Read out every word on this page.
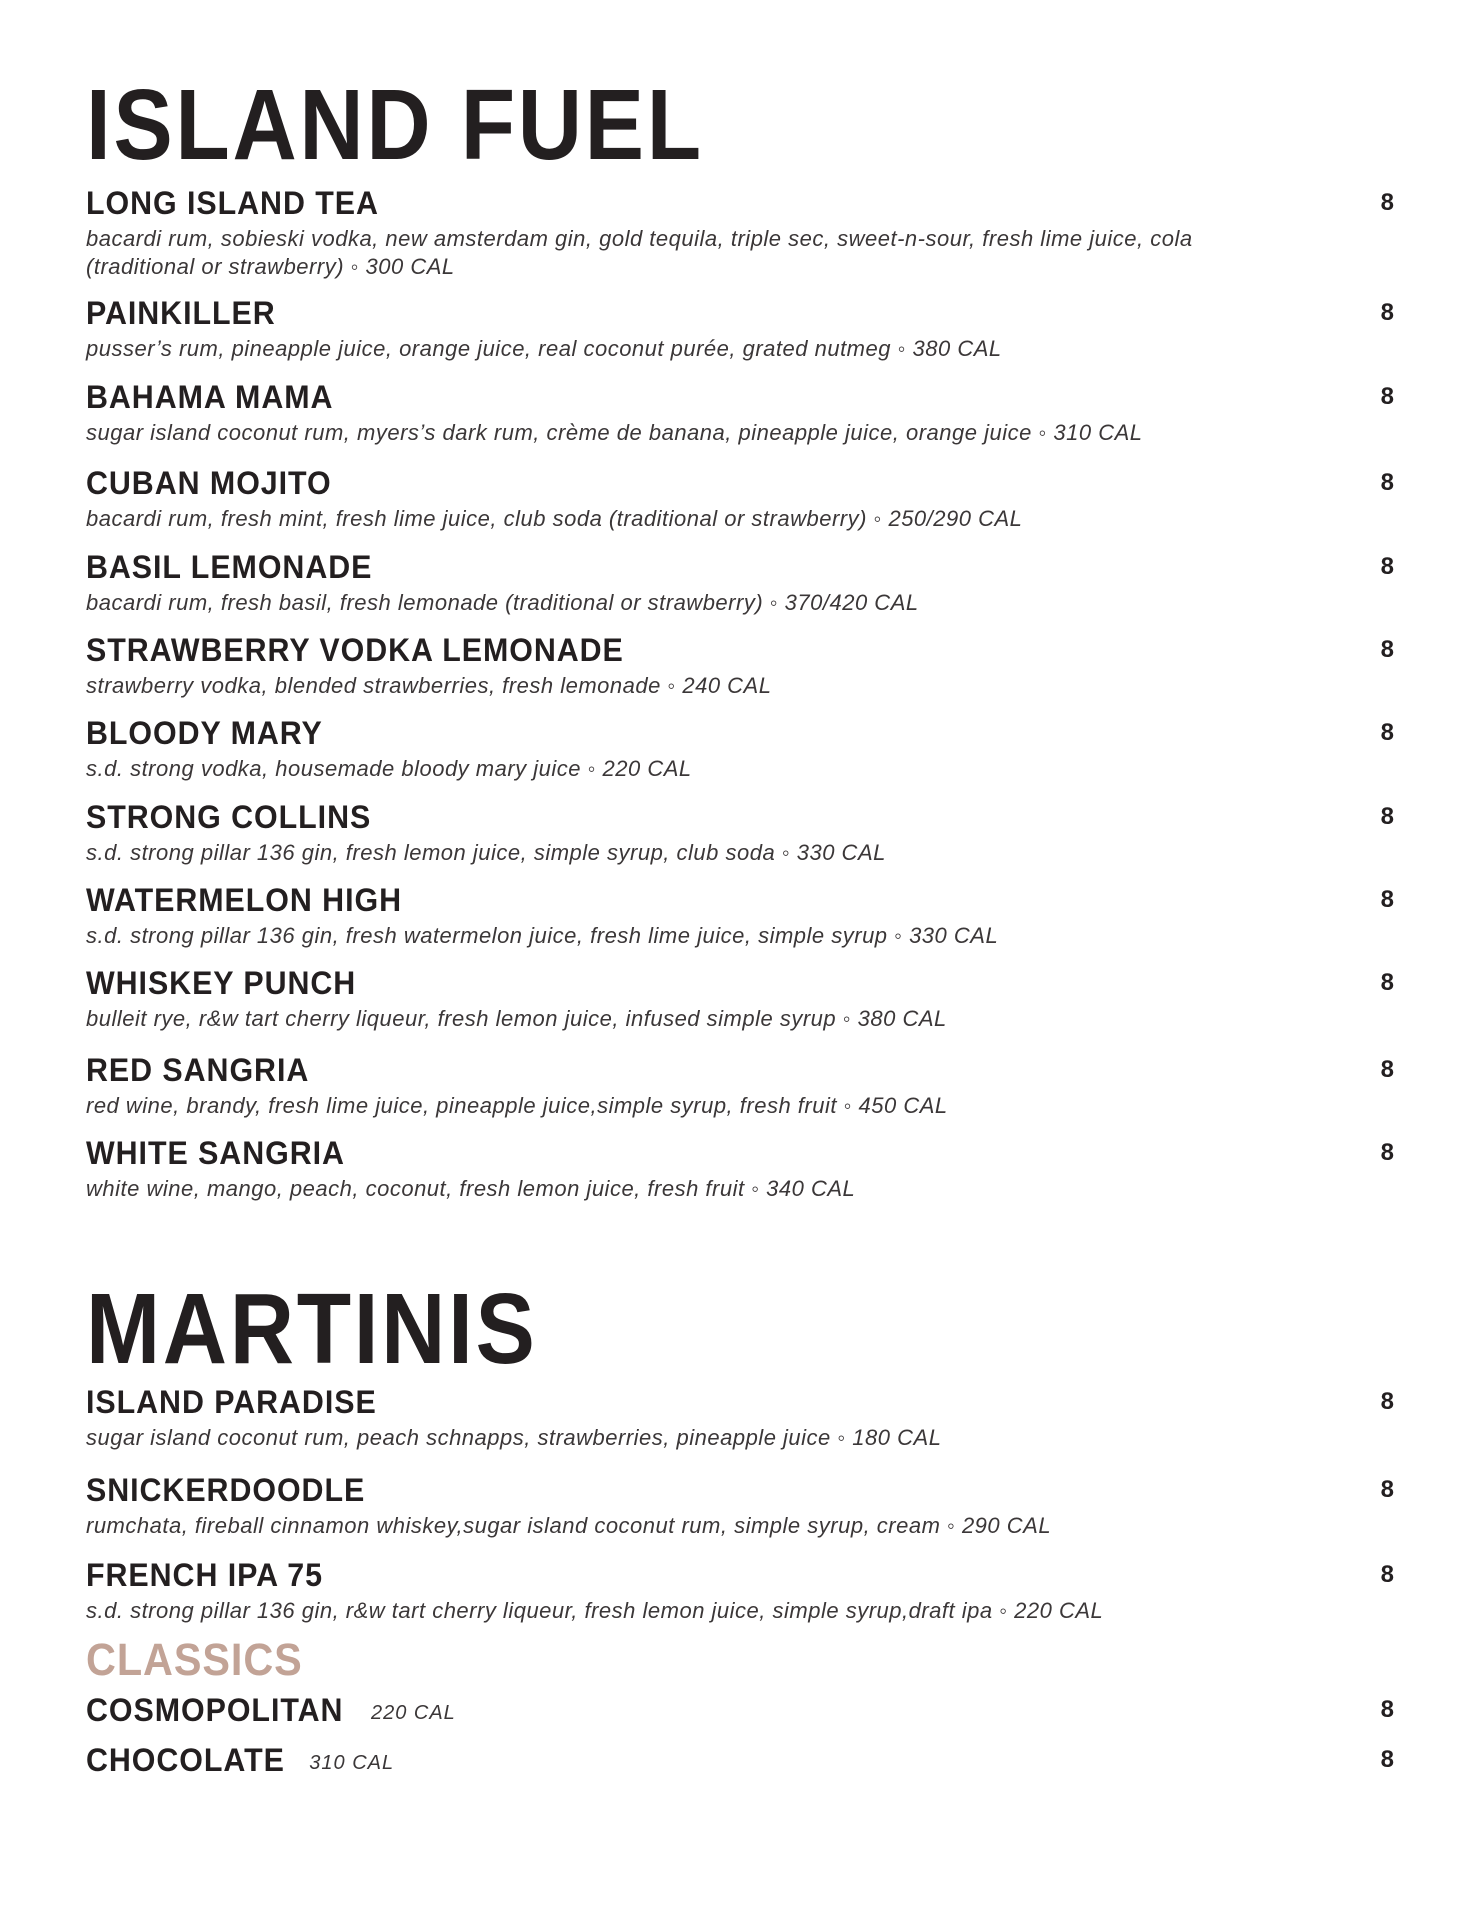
ISLAND FUEL
LONG ISLAND TEA	8
bacardi rum, sobieski vodka, new amsterdam gin, gold tequila, triple sec, sweet-n-sour, fresh lime juice, cola (traditional or strawberry) ◦ 300 CAL
PAINKILLER	8
pusser’s rum, pineapple juice, orange juice, real coconut purée, grated nutmeg ◦ 380 CAL
BAHAMA MAMA	8
sugar island coconut rum, myers’s dark rum, crème de banana, pineapple juice, orange juice ◦ 310 CAL
CUBAN MOJITO	8
bacardi rum, fresh mint, fresh lime juice, club soda (traditional or strawberry) ◦ 250/290 CAL
BASIL LEMONADE	8
bacardi rum, fresh basil, fresh lemonade (traditional or strawberry) ◦ 370/420 CAL
STRAWBERRY VODKA LEMONADE	8
strawberry vodka, blended strawberries, fresh lemonade ◦ 240 CAL
BLOODY MARY	8
s.d. strong vodka, housemade bloody mary juice ◦ 220 CAL
STRONG COLLINS	8
s.d. strong pillar 136 gin, fresh lemon juice, simple syrup, club soda ◦ 330 CAL
WATERMELON HIGH	8
s.d. strong pillar 136 gin, fresh watermelon juice, fresh lime juice, simple syrup ◦ 330 CAL
WHISKEY PUNCH	8
bulleit rye, r&w tart cherry liqueur, fresh lemon juice, infused simple syrup ◦ 380 CAL
RED SANGRIA	8
red wine, brandy, fresh lime juice, pineapple juice,simple syrup, fresh fruit ◦ 450 CAL
WHITE SANGRIA	8
white wine, mango, peach, coconut, fresh lemon juice, fresh fruit ◦ 340 CAL
MARTINIS
ISLAND PARADISE	8
sugar island coconut rum, peach schnapps, strawberries, pineapple juice ◦ 180 CAL
SNICKERDOODLE	8
rumchata, fireball cinnamon whiskey,sugar island coconut rum, simple syrup, cream ◦ 290 CAL
FRENCH IPA 75	8
s.d. strong pillar 136 gin, r&w tart cherry liqueur, fresh lemon juice, simple syrup,draft ipa ◦ 220 CAL
CLASSICS
COSMOPOLITAN 220 CAL	8
CHOCOLATE 310 CAL	8
